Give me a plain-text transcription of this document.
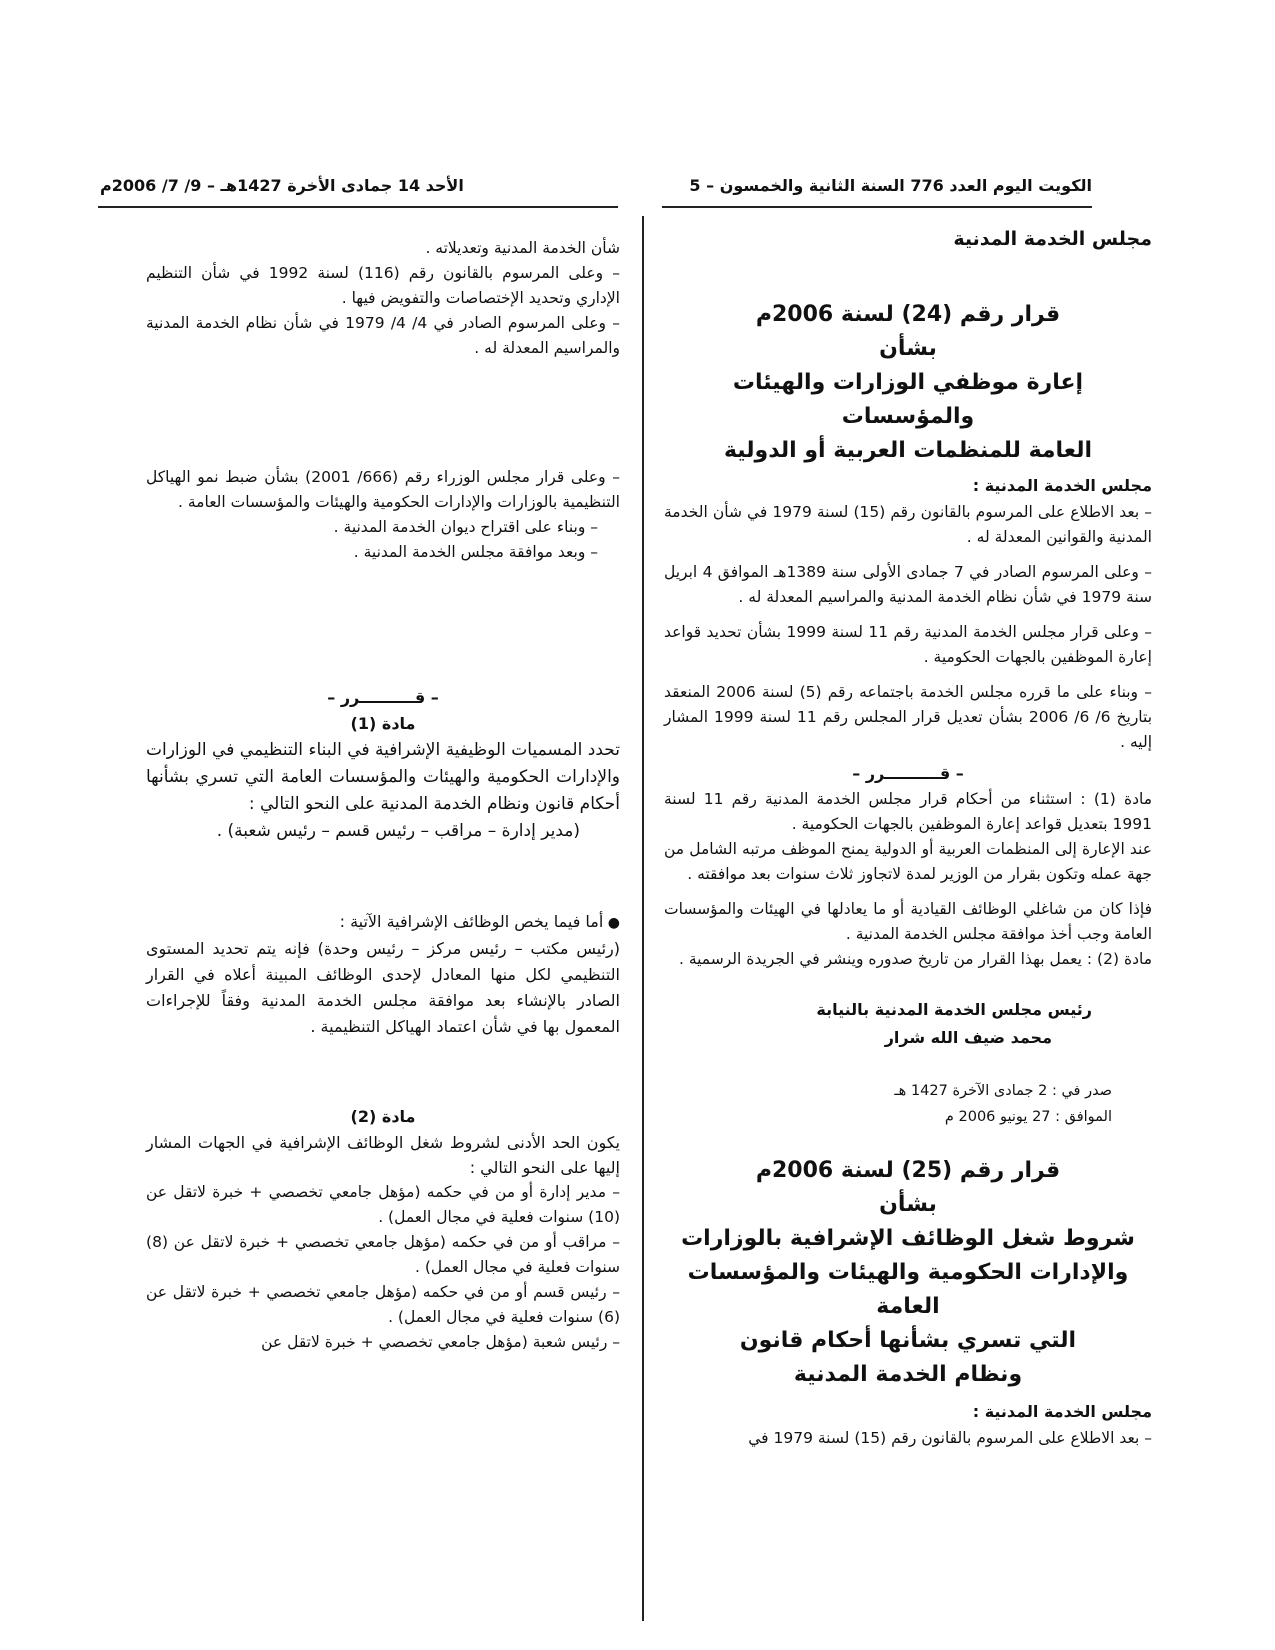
الكويت اليوم العدد 776 السنة الثانية والخمسون – 5
الأحد 14 جمادى الأخرة 1427هـ – 9/ 7/ 2006م
مجلس الخدمة المدنية
قرار رقم (24) لسنة 2006م
بشأن
إعارة موظفي الوزارات والهيئات والمؤسسات
العامة للمنظمات العربية أو الدولية
مجلس الخدمة المدنية :

– بعد الاطلاع على المرسوم بالقانون رقم (15) لسنة 1979 في شأن الخدمة المدنية والقوانين المعدلة له .

– وعلى المرسوم الصادر في 7 جمادى الأولى سنة 1389هـ الموافق 4 ابريل سنة 1979 في شأن نظام الخدمة المدنية والمراسيم المعدلة له .

– وعلى قرار مجلس الخدمة المدنية رقم 11 لسنة 1999 بشأن تحديد قواعد إعارة الموظفين بالجهات الحكومية .

– وبناء على ما قرره مجلس الخدمة باجتماعه رقم (5) لسنة 2006 المنعقد بتاريخ 6/ 6/ 2006 بشأن تعديل قرار المجلس رقم 11 لسنة 1999 المشار إليه .

– قــــــــــرر –

مادة (1) : استثناء من أحكام قرار مجلس الخدمة المدنية رقم 11 لسنة 1991 بتعديل قواعد إعارة الموظفين بالجهات الحكومية .

عند الإعارة إلى المنظمات العربية أو الدولية يمنح الموظف مرتبه الشامل من جهة عمله وتكون بقرار من الوزير لمدة لاتجاوز ثلاث سنوات بعد موافقته .

فإذا كان من شاغلي الوظائف القيادية أو ما يعادلها في الهيئات والمؤسسات العامة وجب أخذ موافقة مجلس الخدمة المدنية .

مادة (2) : يعمل بهذا القرار من تاريخ صدوره وينشر في الجريدة الرسمية .

رئيس مجلس الخدمة المدنية بالنيابة
محمد ضيف الله شرار
صدر في : 2 جمادى الآخرة 1427 هـ
الموافق : 27 يونيو 2006 م
قرار رقم (25) لسنة 2006م
بشأن
شروط شغل الوظائف الإشرافية بالوزارات
والإدارات الحكومية والهيئات والمؤسسات العامة
التي تسري بشأنها أحكام قانون
ونظام الخدمة المدنية
مجلس الخدمة المدنية :

– بعد الاطلاع على المرسوم بالقانون رقم (15) لسنة 1979 في

شأن الخدمة المدنية وتعديلاته .

– وعلى المرسوم بالقانون رقم (116) لسنة 1992 في شأن التنظيم الإداري وتحديد الإختصاصات والتفويض فيها .

– وعلى المرسوم الصادر في 4/ 4/ 1979 في شأن نظام الخدمة المدنية والمراسيم المعدلة له .

– وعلى قرار مجلس الوزراء رقم (666/ 2001) بشأن ضبط نمو الهياكل التنظيمية بالوزارات والإدارات الحكومية والهيئات والمؤسسات العامة .

– وبناء على اقتراح ديوان الخدمة المدنية .

– وبعد موافقة مجلس الخدمة المدنية .

– قــــــــــرر –
مادة (1)

تحدد المسميات الوظيفية الإشرافية في البناء التنظيمي في الوزارات والإدارات الحكومية والهيئات والمؤسسات العامة التي تسري بشأنها أحكام قانون ونظام الخدمة المدنية على النحو التالي :

(مدير إدارة – مراقب – رئيس قسم – رئيس شعبة) .

● أما فيما يخص الوظائف الإشرافية الآتية :

(رئيس مكتب – رئيس مركز – رئيس وحدة) فإنه يتم تحديد المستوى التنظيمي لكل منها المعادل لإحدى الوظائف المبينة أعلاه في القرار الصادر بالإنشاء بعد موافقة مجلس الخدمة المدنية وفقاً للإجراءات المعمول بها في شأن اعتماد الهياكل التنظيمية .

مادة (2)

يكون الحد الأدنى لشروط شغل الوظائف الإشرافية في الجهات المشار إليها على النحو التالي :

– مدير إدارة أو من في حكمه (مؤهل جامعي تخصصي + خبرة لاتقل عن (10) سنوات فعلية في مجال العمل) .

– مراقب أو من في حكمه (مؤهل جامعي تخصصي + خبرة لاتقل عن (8) سنوات فعلية في مجال العمل) .

– رئيس قسم أو من في حكمه (مؤهل جامعي تخصصي + خبرة لاتقل عن (6) سنوات فعلية في مجال العمل) .

– رئيس شعبة (مؤهل جامعي تخصصي + خبرة لاتقل عن
